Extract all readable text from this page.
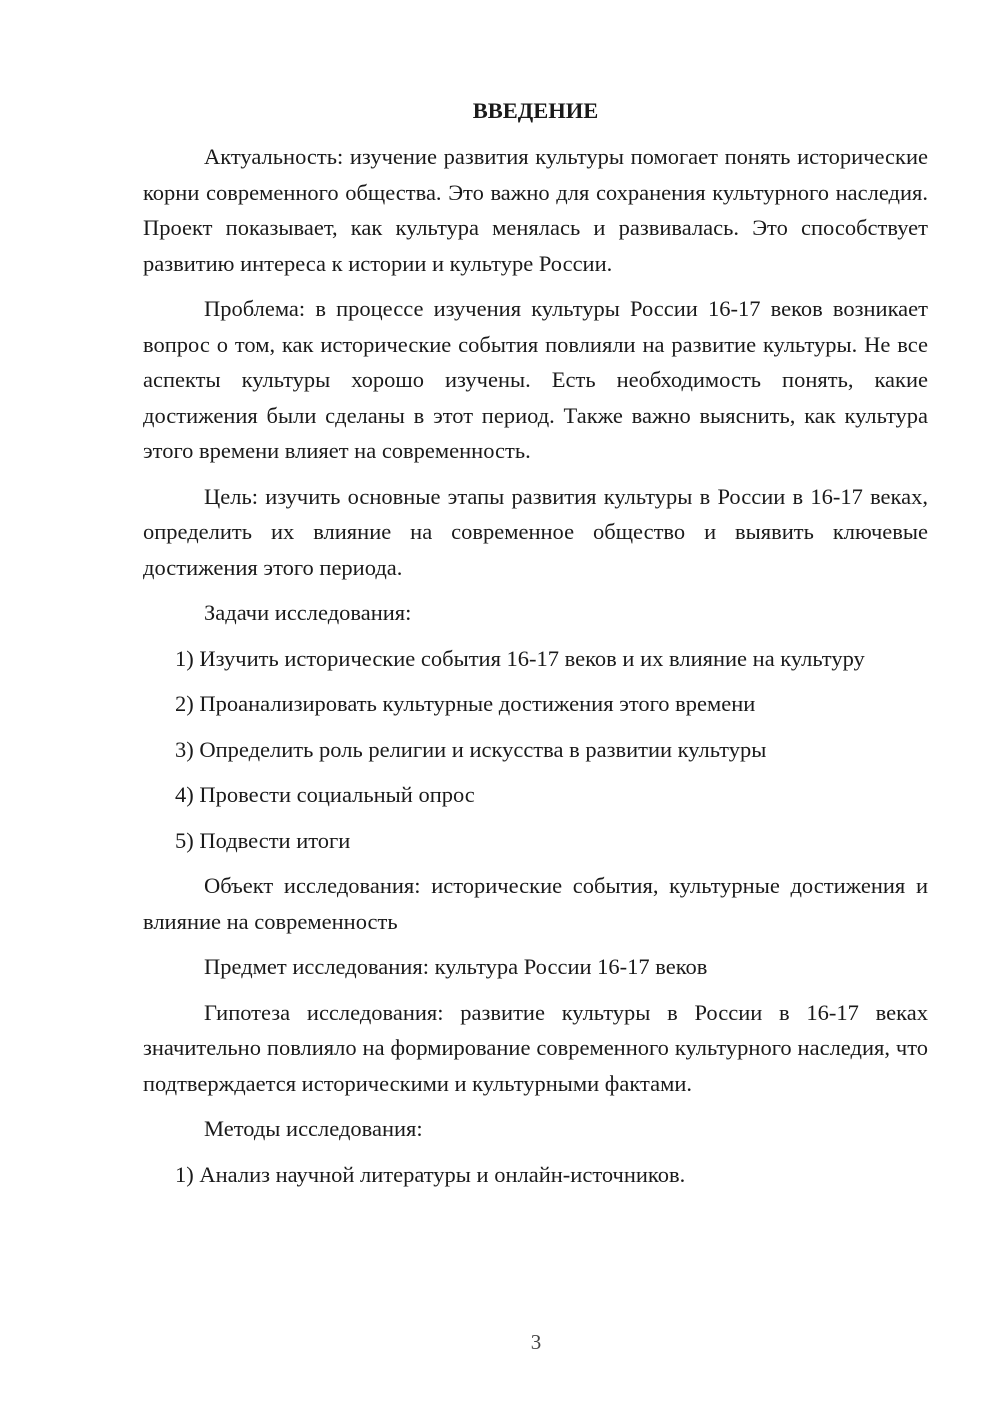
ВВЕДЕНИЕ

Актуальность: изучение развития культуры помогает понять исторические корни современного общества. Это важно для сохранения культурного наследия. Проект показывает, как культура менялась и развивалась. Это способствует развитию интереса к истории и культуре России.

Проблема: в процессе изучения культуры России 16-17 веков возникает вопрос о том, как исторические события повлияли на развитие культуры. Не все аспекты культуры хорошо изучены. Есть необходимость понять, какие достижения были сделаны в этот период. Также важно выяснить, как культура этого времени влияет на современность.

Цель: изучить основные этапы развития культуры в России в 16-17 веках, определить их влияние на современное общество и выявить ключевые достижения этого периода.

Задачи исследования:

1) Изучить исторические события 16-17 веков и их влияние на культуру

2) Проанализировать культурные достижения этого времени

3) Определить роль религии и искусства в развитии культуры

4) Провести социальный опрос

5) Подвести итоги

Объект исследования: исторические события, культурные достижения и влияние на современность

Предмет исследования: культура России 16-17 веков

Гипотеза исследования: развитие культуры в России в 16-17 веках значительно повлияло на формирование современного культурного наследия, что подтверждается историческими и культурными фактами.

Методы исследования:

1) Анализ научной литературы и онлайн-источников.

3
